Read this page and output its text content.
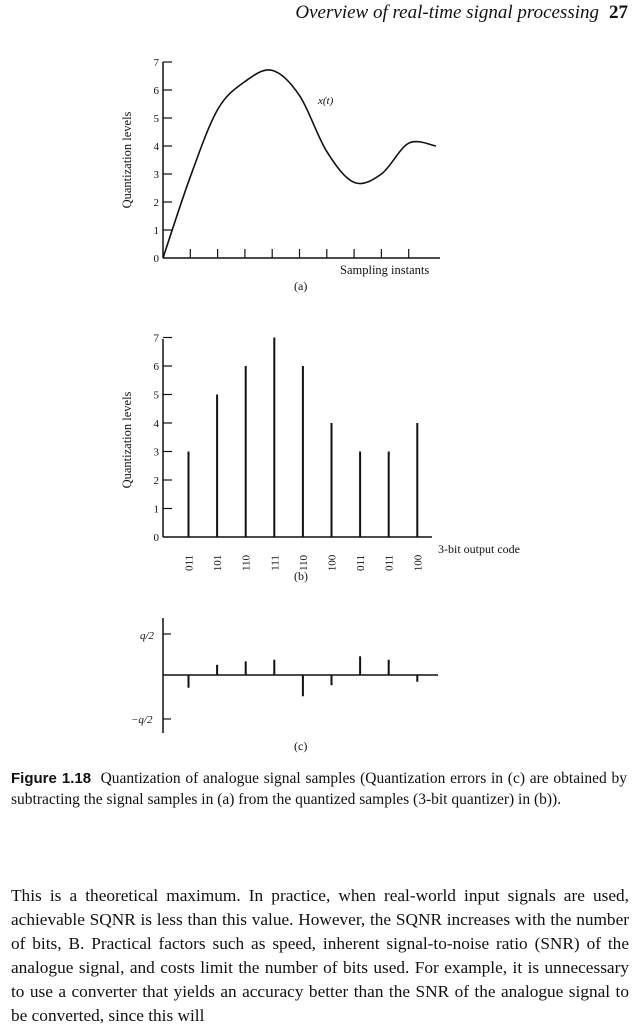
Overview of real-time signal processing 27
0
1
2
3
4
5
6
7
x(t)
Sampling instants
(a)
Quantization levels
0
1
2
3
4
5
6
7
011 101 110 111 110 100 011 011 100
3-bit output code
(b)
Quantization levels
q/2
−q/2
(c)
Figure 1.18 Quantization of analogue signal samples (Quantization errors in (c) are obtained by subtracting the signal samples in (a) from the quantized samples (3-bit quantizer) in (b)).
This is a theoretical maximum. In practice, when real-world input signals are used, achievable SQNR is less than this value. However, the SQNR increases with the number of bits, B. Practical factors such as speed, inherent signal-to-noise ratio (SNR) of the analogue signal, and costs limit the number of bits used. For example, it is unnecessary to use a converter that yields an accuracy better than the SNR of the analogue signal to be converted, since this will
